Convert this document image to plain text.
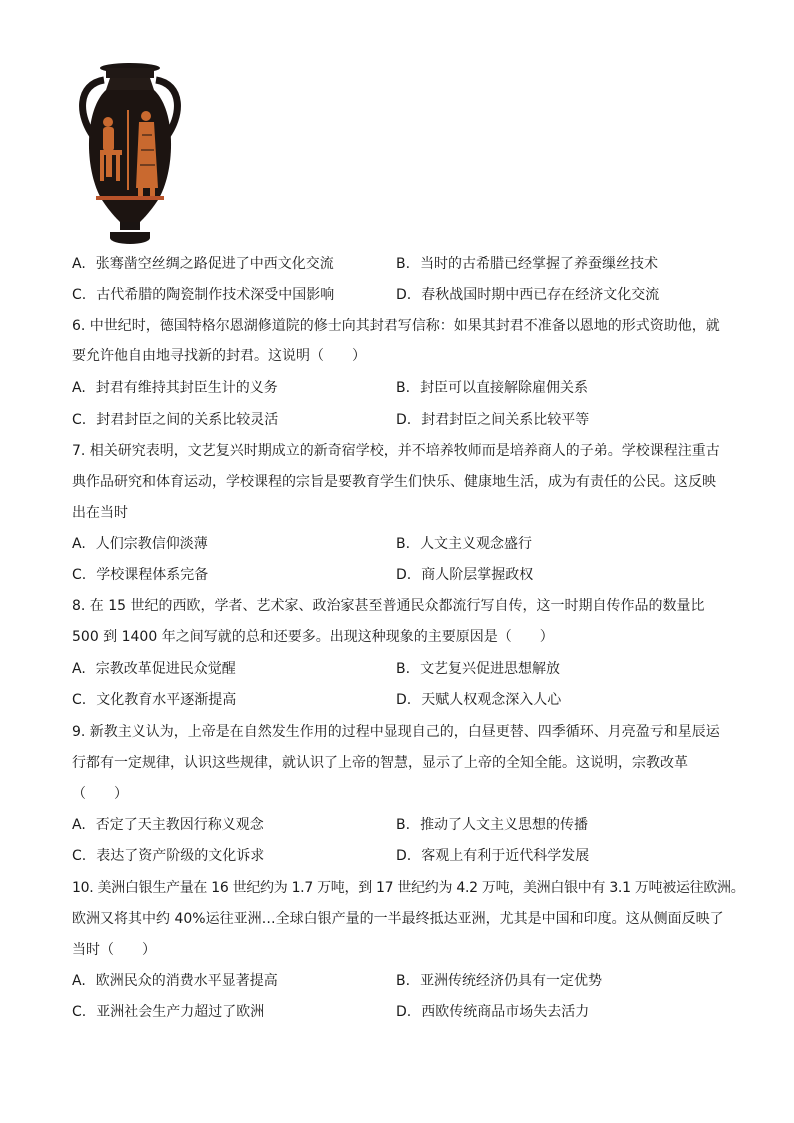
A. 张骞凿空丝绸之路促进了中西文化交流	B. 当时的古希腊已经掌握了养蚕缫丝技术
C. 古代希腊的陶瓷制作技术深受中国影响	D. 春秋战国时期中西已存在经济文化交流
6. 中世纪时，德国特格尔恩湖修道院的修士向其封君写信称：如果其封君不准备以恩地的形式资助他，就
要允许他自由地寻找新的封君。这说明（　　）
A. 封君有维持其封臣生计的义务	B. 封臣可以直接解除雇佣关系
C. 封君封臣之间的关系比较灵活	D. 封君封臣之间关系比较平等
7. 相关研究表明，文艺复兴时期成立的新奇宿学校，并不培养牧师而是培养商人的子弟。学校课程注重古
典作品研究和体育运动，学校课程的宗旨是要教育学生们快乐、健康地生活，成为有责任的公民。这反映
出在当时
A. 人们宗教信仰淡薄	B. 人文主义观念盛行
C. 学校课程体系完备	D. 商人阶层掌握政权
8. 在 15 世纪的西欧，学者、艺术家、政治家甚至普通民众都流行写自传，这一时期自传作品的数量比
500 到 1400 年之间写就的总和还要多。出现这种现象的主要原因是（　　）
A. 宗教改革促进民众觉醒	B. 文艺复兴促进思想解放
C. 文化教育水平逐渐提高	D. 天赋人权观念深入人心
9. 新教主义认为，上帝是在自然发生作用的过程中显现自己的，白昼更替、四季循环、月亮盈亏和星辰运
行都有一定规律，认识这些规律，就认识了上帝的智慧，显示了上帝的全知全能。这说明，宗教改革
（　　）
A. 否定了天主教因行称义观念	B. 推动了人文主义思想的传播
C. 表达了资产阶级的文化诉求	D. 客观上有利于近代科学发展
10. 美洲白银生产量在 16 世纪约为 1.7 万吨，到 17 世纪约为 4.2 万吨，美洲白银中有 3.1 万吨被运往欧洲。
欧洲又将其中约 40%运往亚洲…全球白银产量的一半最终抵达亚洲，尤其是中国和印度。这从侧面反映了
当时（　　）
A. 欧洲民众的消费水平显著提高	B. 亚洲传统经济仍具有一定优势
C. 亚洲社会生产力超过了欧洲	D. 西欧传统商品市场失去活力
